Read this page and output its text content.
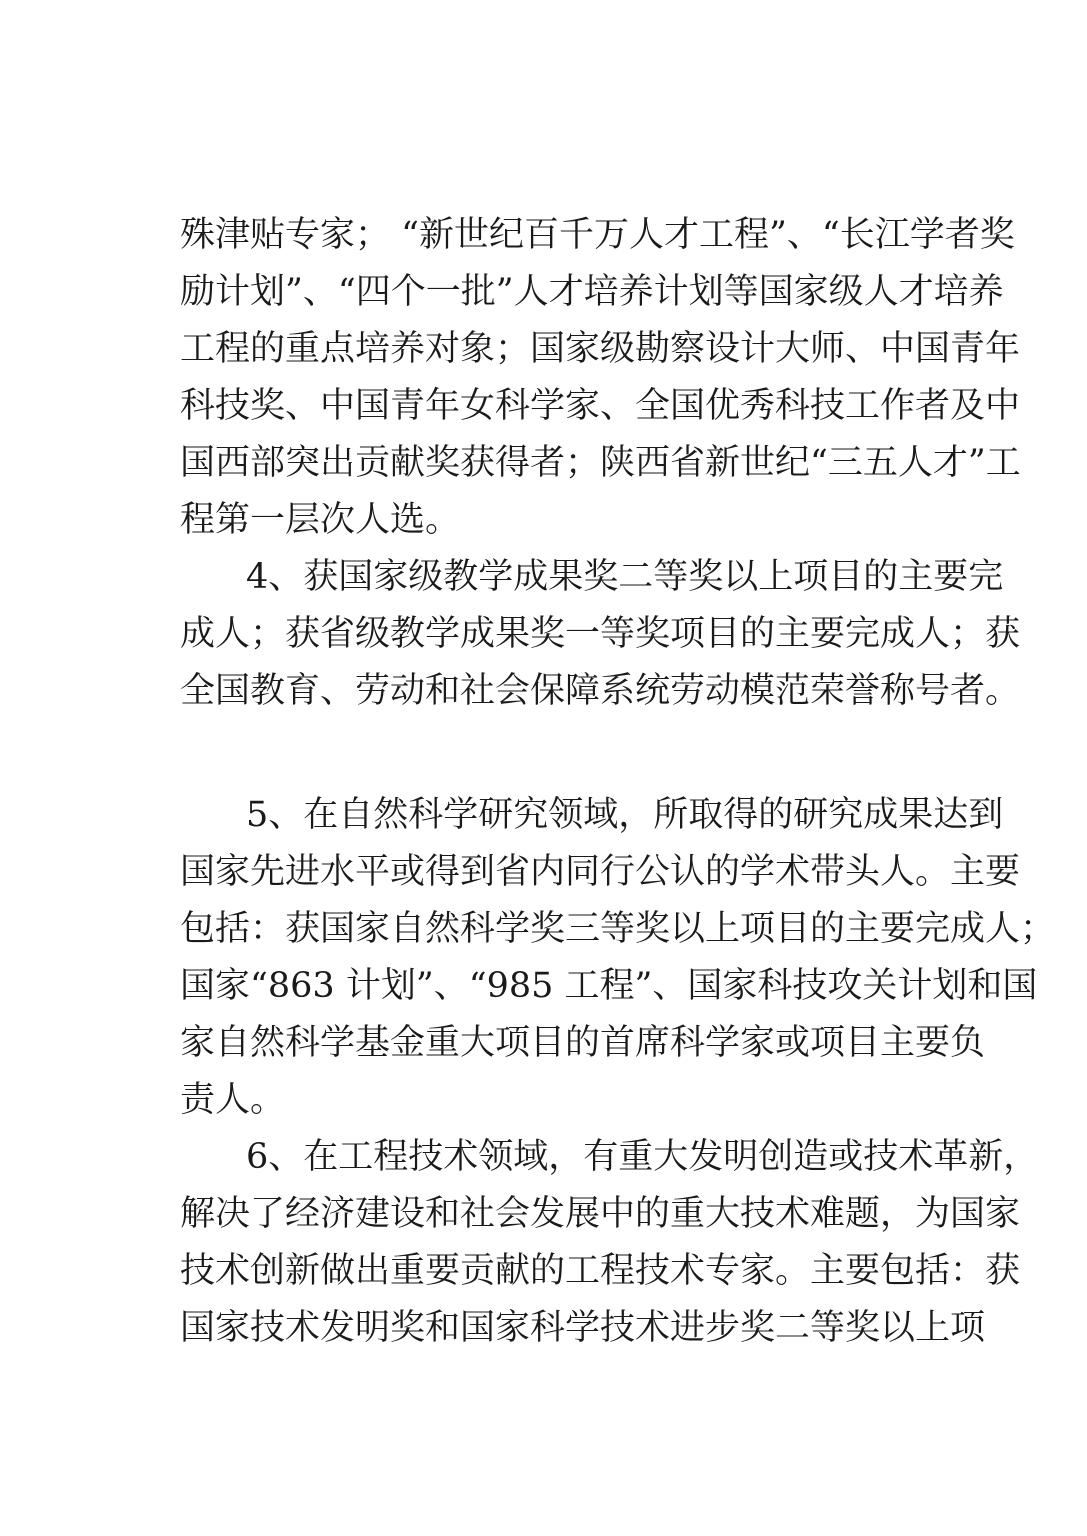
殊津贴专家； “新世纪百千万人才工程”、“长江学者奖
励计划”、“四个一批”人才培养计划等国家级人才培养
工程的重点培养对象；国家级勘察设计大师、中国青年
科技奖、中国青年女科学家、全国优秀科技工作者及中
国西部突出贡献奖获得者；陕西省新世纪“三五人才”工
程第一层次人选。
4、获国家级教学成果奖二等奖以上项目的主要完
成人；获省级教学成果奖一等奖项目的主要完成人；获
全国教育、劳动和社会保障系统劳动模范荣誉称号者。
5、在自然科学研究领域，所取得的研究成果达到
国家先进水平或得到省内同行公认的学术带头人。主要
包括：获国家自然科学奖三等奖以上项目的主要完成人；
国家“863 计划”、“985 工程”、国家科技攻关计划和国
家自然科学基金重大项目的首席科学家或项目主要负
责人。
6、在工程技术领域，有重大发明创造或技术革新，
解决了经济建设和社会发展中的重大技术难题，为国家
技术创新做出重要贡献的工程技术专家。主要包括：获
国家技术发明奖和国家科学技术进步奖二等奖以上项
